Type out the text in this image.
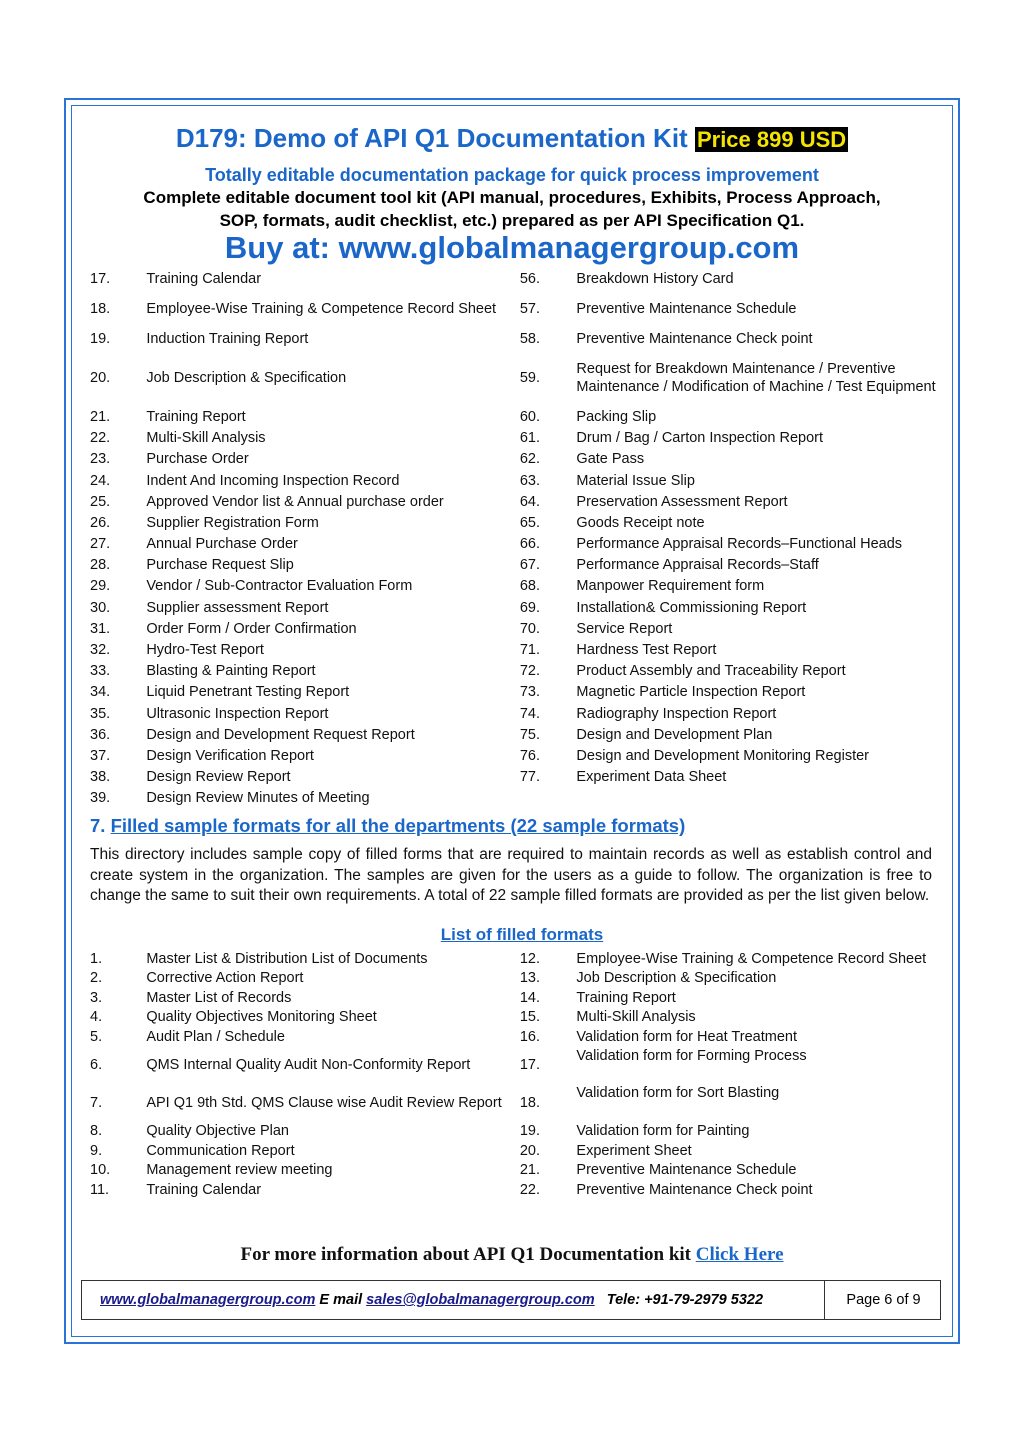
D179: Demo of API Q1 Documentation Kit Price 899 USD
Totally editable documentation package for quick process improvement
Complete editable document tool kit (API manual, procedures, Exhibits, Process Approach,
SOP, formats, audit checklist, etc.) prepared as per API Specification Q1.
Buy at: www.globalmanagergroup.com
17.	Training Calendar	56.	Breakdown History Card
18.	Employee-Wise Training & Competence Record Sheet	57.	Preventive Maintenance Schedule
19.	Induction Training Report	58.	Preventive Maintenance Check point
20.	Job Description & Specification	59.	Request for Breakdown Maintenance / Preventive Maintenance / Modification of Machine / Test Equipment
21.	Training Report	60.	Packing Slip
22.	Multi-Skill Analysis	61.	Drum / Bag / Carton Inspection Report
23.	Purchase Order	62.	Gate Pass
24.	Indent And Incoming Inspection Record	63.	Material Issue Slip
25.	Approved Vendor list & Annual purchase order	64.	Preservation Assessment Report
26.	Supplier Registration Form	65.	Goods Receipt note
27.	Annual Purchase Order	66.	Performance Appraisal Records–Functional Heads
28.	Purchase Request Slip	67.	Performance Appraisal Records–Staff
29.	Vendor / Sub-Contractor Evaluation Form	68.	Manpower Requirement form
30.	Supplier assessment Report	69.	Installation& Commissioning Report
31.	Order Form / Order Confirmation	70.	Service Report
32.	Hydro-Test Report	71.	Hardness Test Report
33.	Blasting & Painting Report	72.	Product Assembly and Traceability Report
34.	Liquid Penetrant Testing Report	73.	Magnetic Particle Inspection Report
35.	Ultrasonic Inspection Report	74.	Radiography Inspection Report
36.	Design and Development Request Report	75.	Design and Development Plan
37.	Design Verification Report	76.	Design and Development Monitoring Register
38.	Design Review Report	77.	Experiment Data Sheet
39.	Design Review Minutes of Meeting		
7. Filled sample formats for all the departments (22 sample formats)
This directory includes sample copy of filled forms that are required to maintain records as well as establish control and create system in the organization. The samples are given for the users as a guide to follow. The organization is free to change the same to suit their own requirements. A total of 22 sample filled formats are provided as per the list given below.
List of filled formats
1.	Master List & Distribution List of Documents	12.	Employee-Wise Training & Competence Record Sheet
2.	Corrective Action Report	13.	Job Description & Specification
3.	Master List of Records	14.	Training Report
4.	Quality Objectives Monitoring Sheet	15.	Multi-Skill Analysis
5.	Audit Plan / Schedule	16.	Validation form for Heat Treatment
6.	QMS Internal Quality Audit Non-Conformity Report	17.	Validation form for Forming Process
7.	API Q1 9th Std. QMS Clause wise Audit Review Report	18.	Validation form for Sort Blasting
8.	Quality Objective Plan	19.	Validation form for Painting
9.	Communication Report	20.	Experiment Sheet
10.	Management review meeting	21.	Preventive Maintenance Schedule
11.	Training Calendar	22.	Preventive Maintenance Check point
For more information about API Q1 Documentation kit Click Here
www.globalmanagergroup.com E mail sales@globalmanagergroup.com Tele: +91-79-2979 5322	Page 6 of 9
